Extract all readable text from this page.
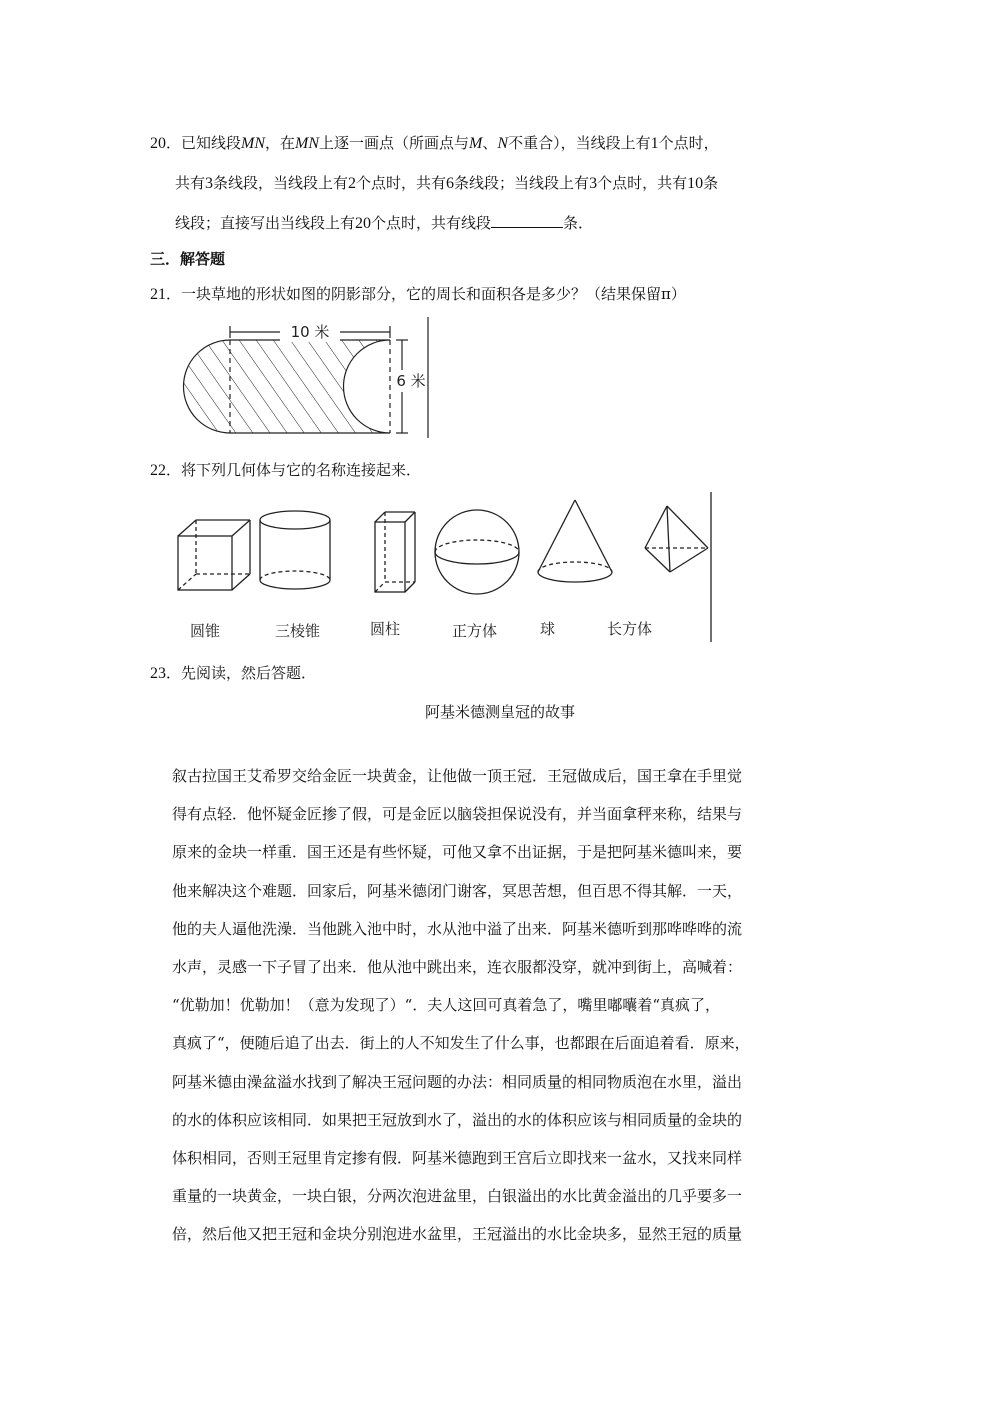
20．已知线段MN，在MN上逐一画点（所画点与M、N不重合），当线段上有1个点时，
共有3条线段，当线段上有2个点时，共有6条线段；当线段上有3个点时，共有10条
线段；直接写出当线段上有20个点时，共有线段	条．
三．解答题
21．一块草地的形状如图的阴影部分，它的周长和面积各是多少？（结果保留π）
10 米
6 米
22．将下列几何体与它的名称连接起来．
圆锥	三棱锥	圆柱	正方体	球	长方体
23．先阅读，然后答题．
阿基米德测皇冠的故事
叙古拉国王艾希罗交给金匠一块黄金，让他做一顶王冠．王冠做成后，国王拿在手里觉
得有点轻．他怀疑金匠掺了假，可是金匠以脑袋担保说没有，并当面拿秤来称，结果与
原来的金块一样重．国王还是有些怀疑，可他又拿不出证据，于是把阿基米德叫来，要
他来解决这个难题．回家后，阿基米德闭门谢客，冥思苦想，但百思不得其解．一天，
他的夫人逼他洗澡．当他跳入池中时，水从池中溢了出来．阿基米德听到那哗哗哗的流
水声，灵感一下子冒了出来．他从池中跳出来，连衣服都没穿，就冲到街上，高喊着：
“优勒加！优勒加！（意为发现了）“．夫人这回可真着急了，嘴里嘟囔着“真疯了，
真疯了“，便随后追了出去．街上的人不知发生了什么事，也都跟在后面追着看．原来，
阿基米德由澡盆溢水找到了解决王冠问题的办法：相同质量的相同物质泡在水里，溢出
的水的体积应该相同．如果把王冠放到水了，溢出的水的体积应该与相同质量的金块的
体积相同，否则王冠里肯定掺有假．阿基米德跑到王宫后立即找来一盆水，又找来同样
重量的一块黄金，一块白银，分两次泡进盆里，白银溢出的水比黄金溢出的几乎要多一
倍，然后他又把王冠和金块分别泡进水盆里，王冠溢出的水比金块多，显然王冠的质量
